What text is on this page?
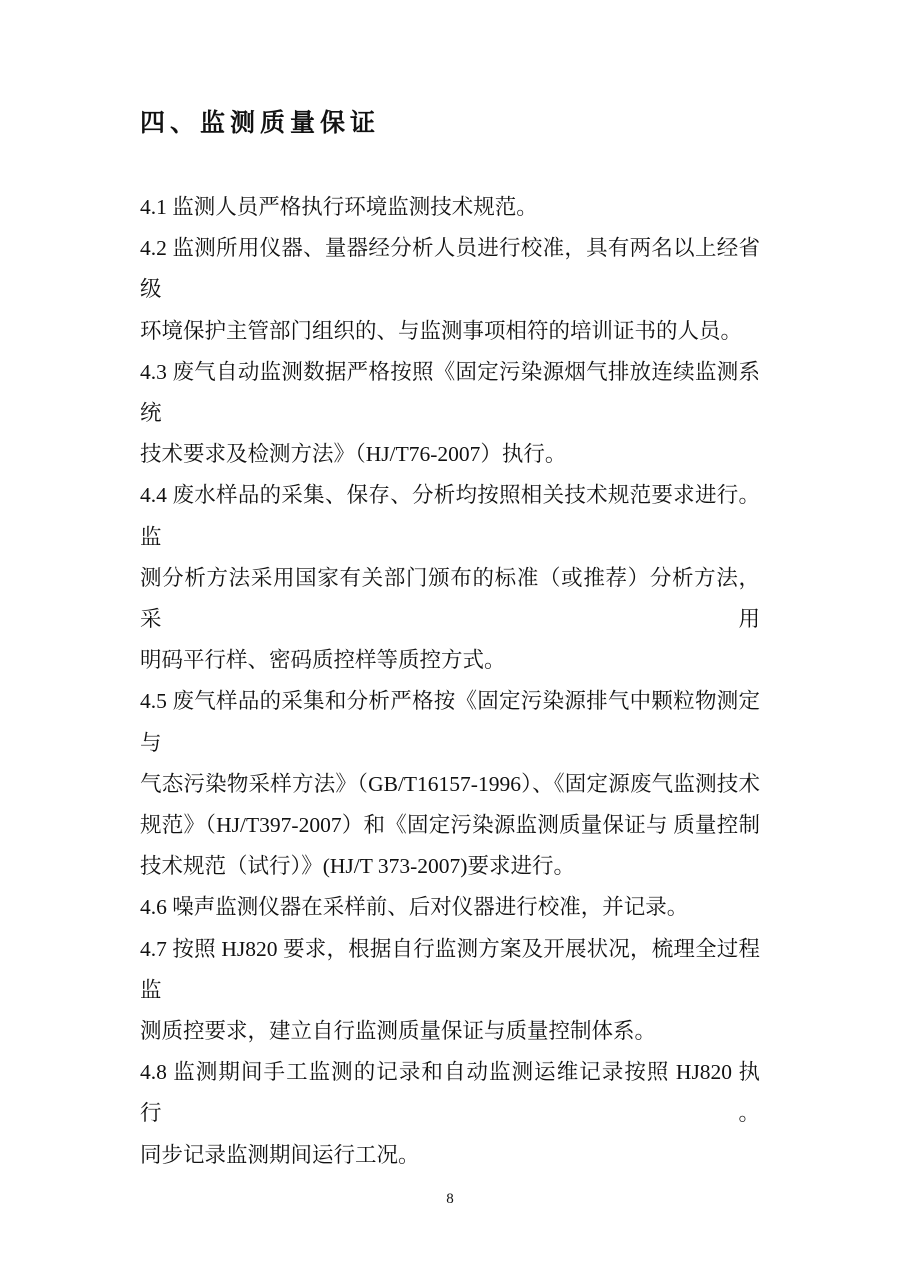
四、监测质量保证
4.1 监测人员严格执行环境监测技术规范。
4.2 监测所用仪器、量器经分析人员进行校准，具有两名以上经省级
环境保护主管部门组织的、与监测事项相符的培训证书的人员。
4.3 废气自动监测数据严格按照《固定污染源烟气排放连续监测系统
技术要求及检测方法》（HJ/T76-2007）执行。
4.4 废水样品的采集、保存、分析均按照相关技术规范要求进行。监
测分析方法采用国家有关部门颁布的标准（或推荐）分析方法，采用
明码平行样、密码质控样等质控方式。
4.5 废气样品的采集和分析严格按《固定污染源排气中颗粒物测定与
气态污染物采样方法》（GB/T16157-1996）、《固定源废气监测技术
规范》（HJ/T397-2007）和《固定污染源监测质量保证与 质量控制
技术规范（试行）》(HJ/T 373-2007)要求进行。
4.6 噪声监测仪器在采样前、后对仪器进行校准，并记录。
4.7 按照 HJ820 要求，根据自行监测方案及开展状况，梳理全过程监
测质控要求，建立自行监测质量保证与质量控制体系。
4.8 监测期间手工监测的记录和自动监测运维记录按照 HJ820 执行。
同步记录监测期间运行工况。
8
